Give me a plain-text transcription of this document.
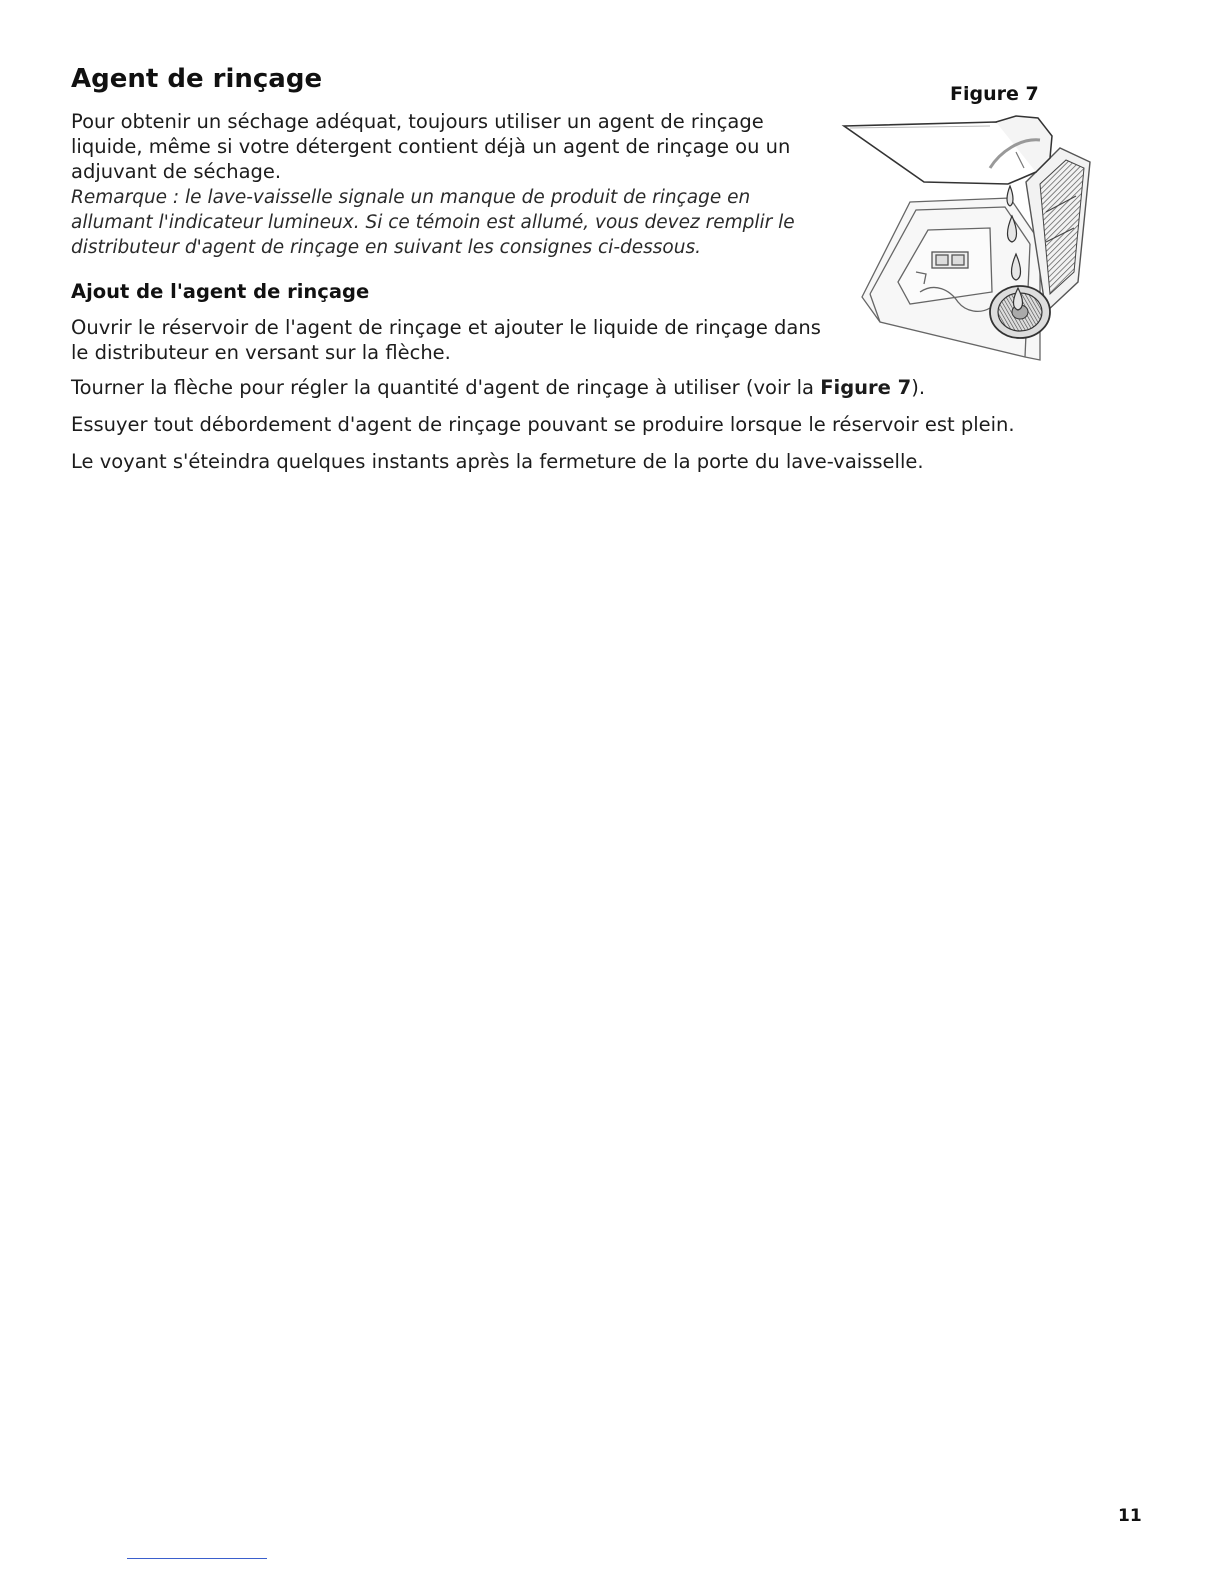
Agent de rinçage	Figure 7

Pour obtenir un séchage adéquat, toujours utiliser un agent de rinçage liquide, même si votre détergent contient déjà un agent de rinçage ou un adjuvant de séchage.

Remarque : le lave-vaisselle signale un manque de produit de rinçage en allumant l'indicateur lumineux. Si ce témoin est allumé, vous devez remplir le distributeur d'agent de rinçage en suivant les consignes ci-dessous.

Ajout de l'agent de rinçage

Ouvrir le réservoir de l'agent de rinçage et ajouter le liquide de rinçage dans le distributeur en versant sur la flèche.

Tourner la flèche pour régler la quantité d'agent de rinçage à utiliser (voir la Figure 7).

Essuyer tout débordement d'agent de rinçage pouvant se produire lorsque le réservoir est plein.

Le voyant s'éteindra quelques instants après la fermeture de la porte du lave-vaisselle.

11
